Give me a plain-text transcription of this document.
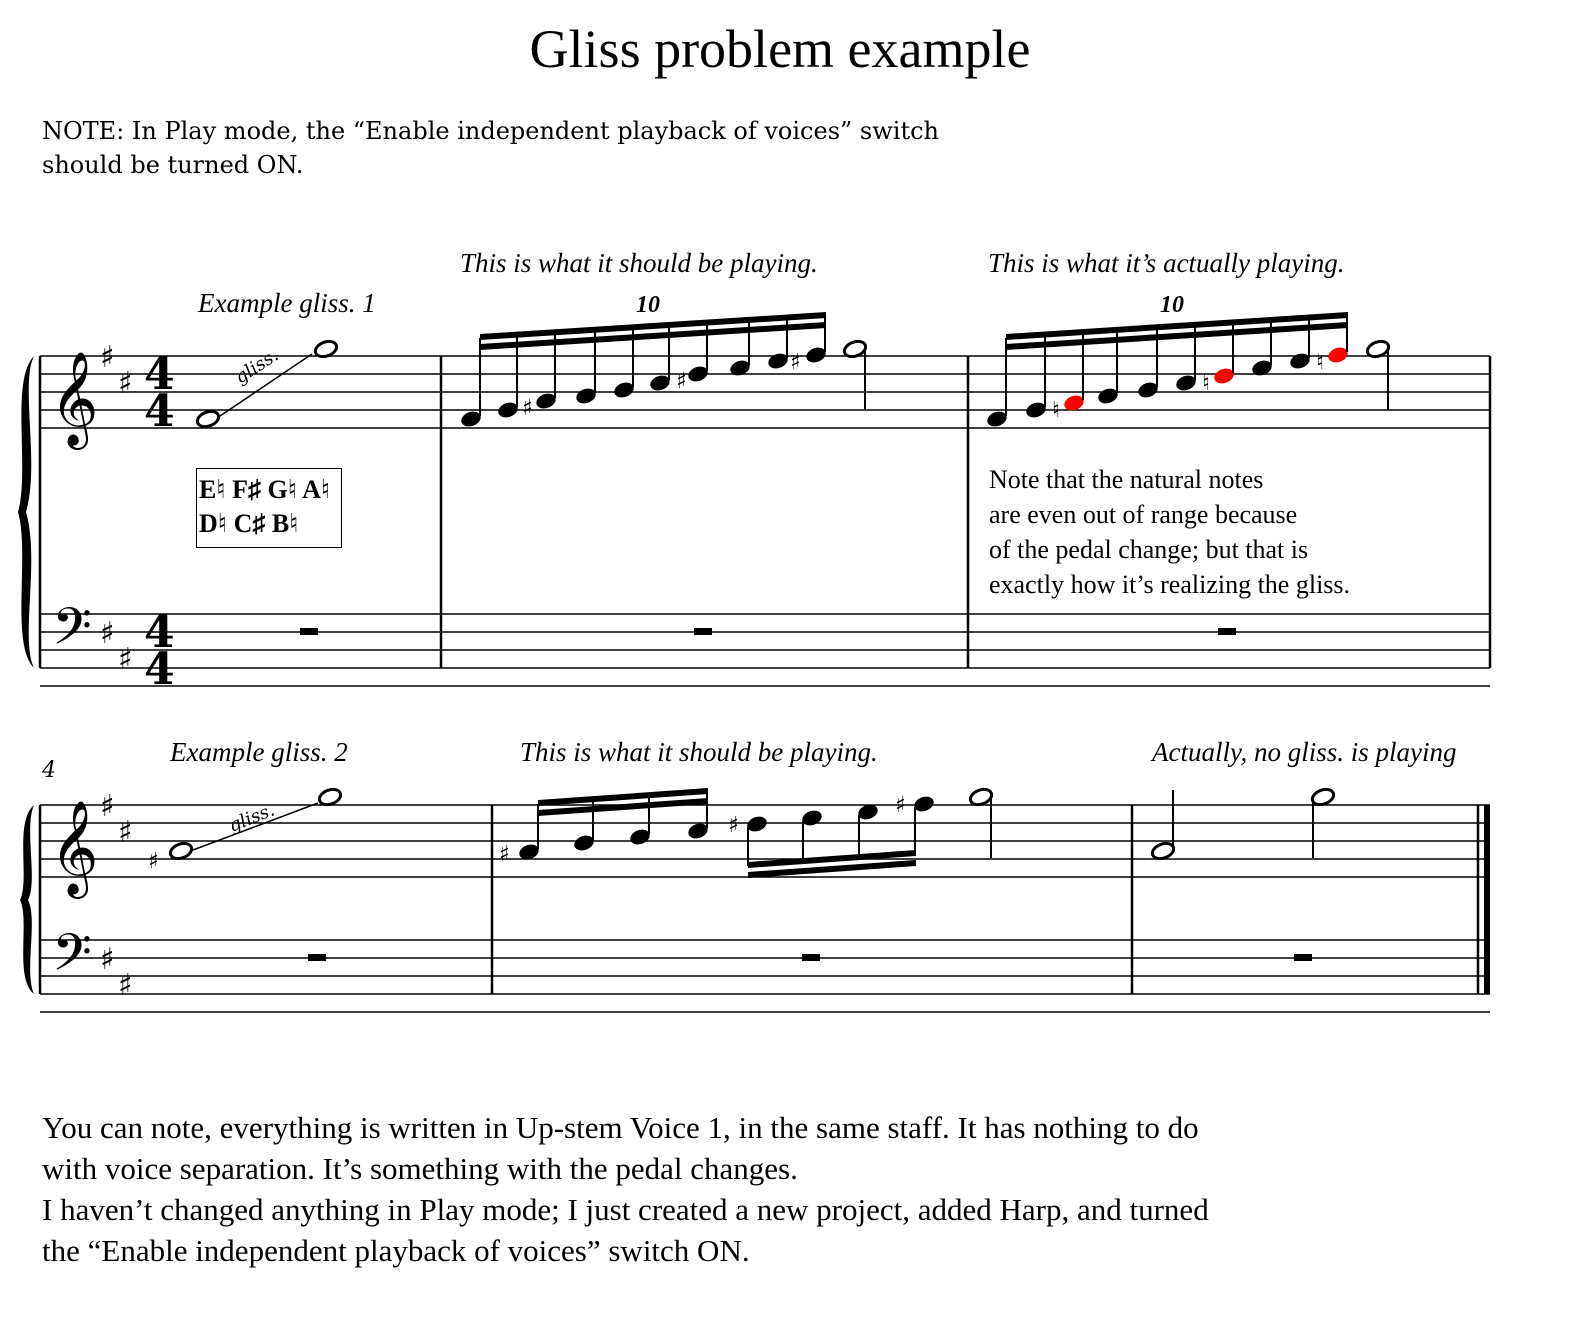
Gliss problem example
NOTE: In Play mode, the “Enable independent playback of voices” switch
should be turned ON.
Example gliss. 1
This is what it should be playing.	This is what it’s actually playing.
10	10
E♮ F♯ G♮ A♮
D♮ C♯ B♮

Note that the natural notes

are even out of range because

of the pedal change; but that is

exactly how it’s realizing the gliss.

4
Example gliss. 2	This is what it should be playing.	Actually, no gliss. is playing
𝄞
𝄢
♯
♯
♯
♯
4
4
4
4
gliss.
♯
♯
♯
♮
♮
♮
𝄞
𝄢
♯
♯
♯
♯
♯
gliss.
♯
♯
♯

You can note, everything is written in Up-stem Voice 1, in the same staff. It has nothing to do

with voice separation. It’s something with the pedal changes.

I haven’t changed anything in Play mode; I just created a new project, added Harp, and turned

the “Enable independent playback of voices” switch ON.
